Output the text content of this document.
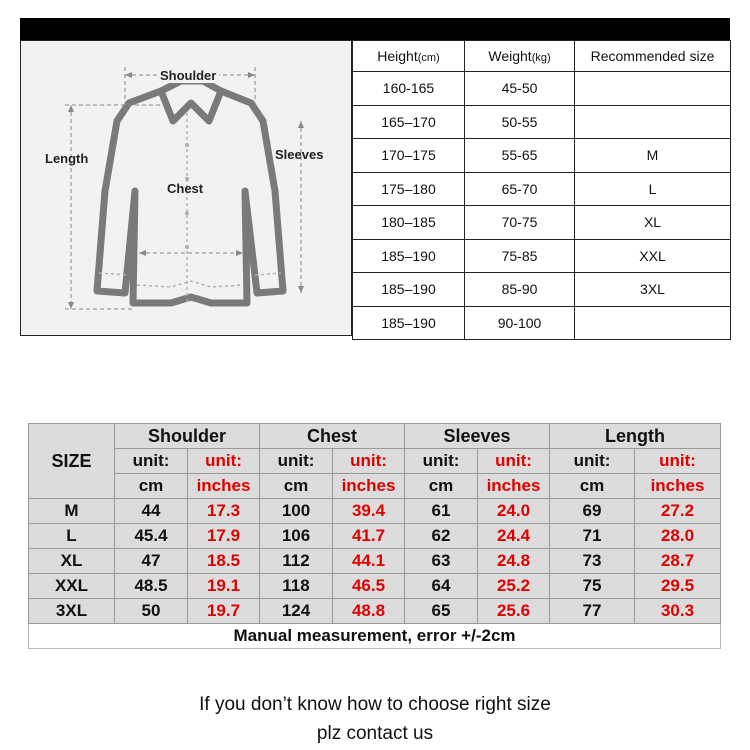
Shoulder
Length	Sleeves
Chest
Height(cm)	Weight(kg)	Recommended size
160-165	45-50	
165–170	50-55	
170–175	55-65	M
175–180	65-70	L
180–185	70-75	XL
185–190	75-85	XXL
185–190	85-90	3XL
185–190	90-100	
SIZE	Shoulder		Chest		Sleeves		Length	
	unit:	unit:	unit:	unit:	unit:	unit:	unit:	unit:
	cm	inches	cm	inches	cm	inches	cm	inches
M	44	17.3	100	39.4	61	24.0	69	27.2
L	45.4	17.9	106	41.7	62	24.4	71	28.0
XL	47	18.5	112	44.1	63	24.8	73	28.7
XXL	48.5	19.1	118	46.5	64	25.2	75	29.5
3XL	50	19.7	124	48.8	65	25.6	77	30.3
Manual measurement, error +/-2cm								
If you don’t know how to choose right size
plz contact us
